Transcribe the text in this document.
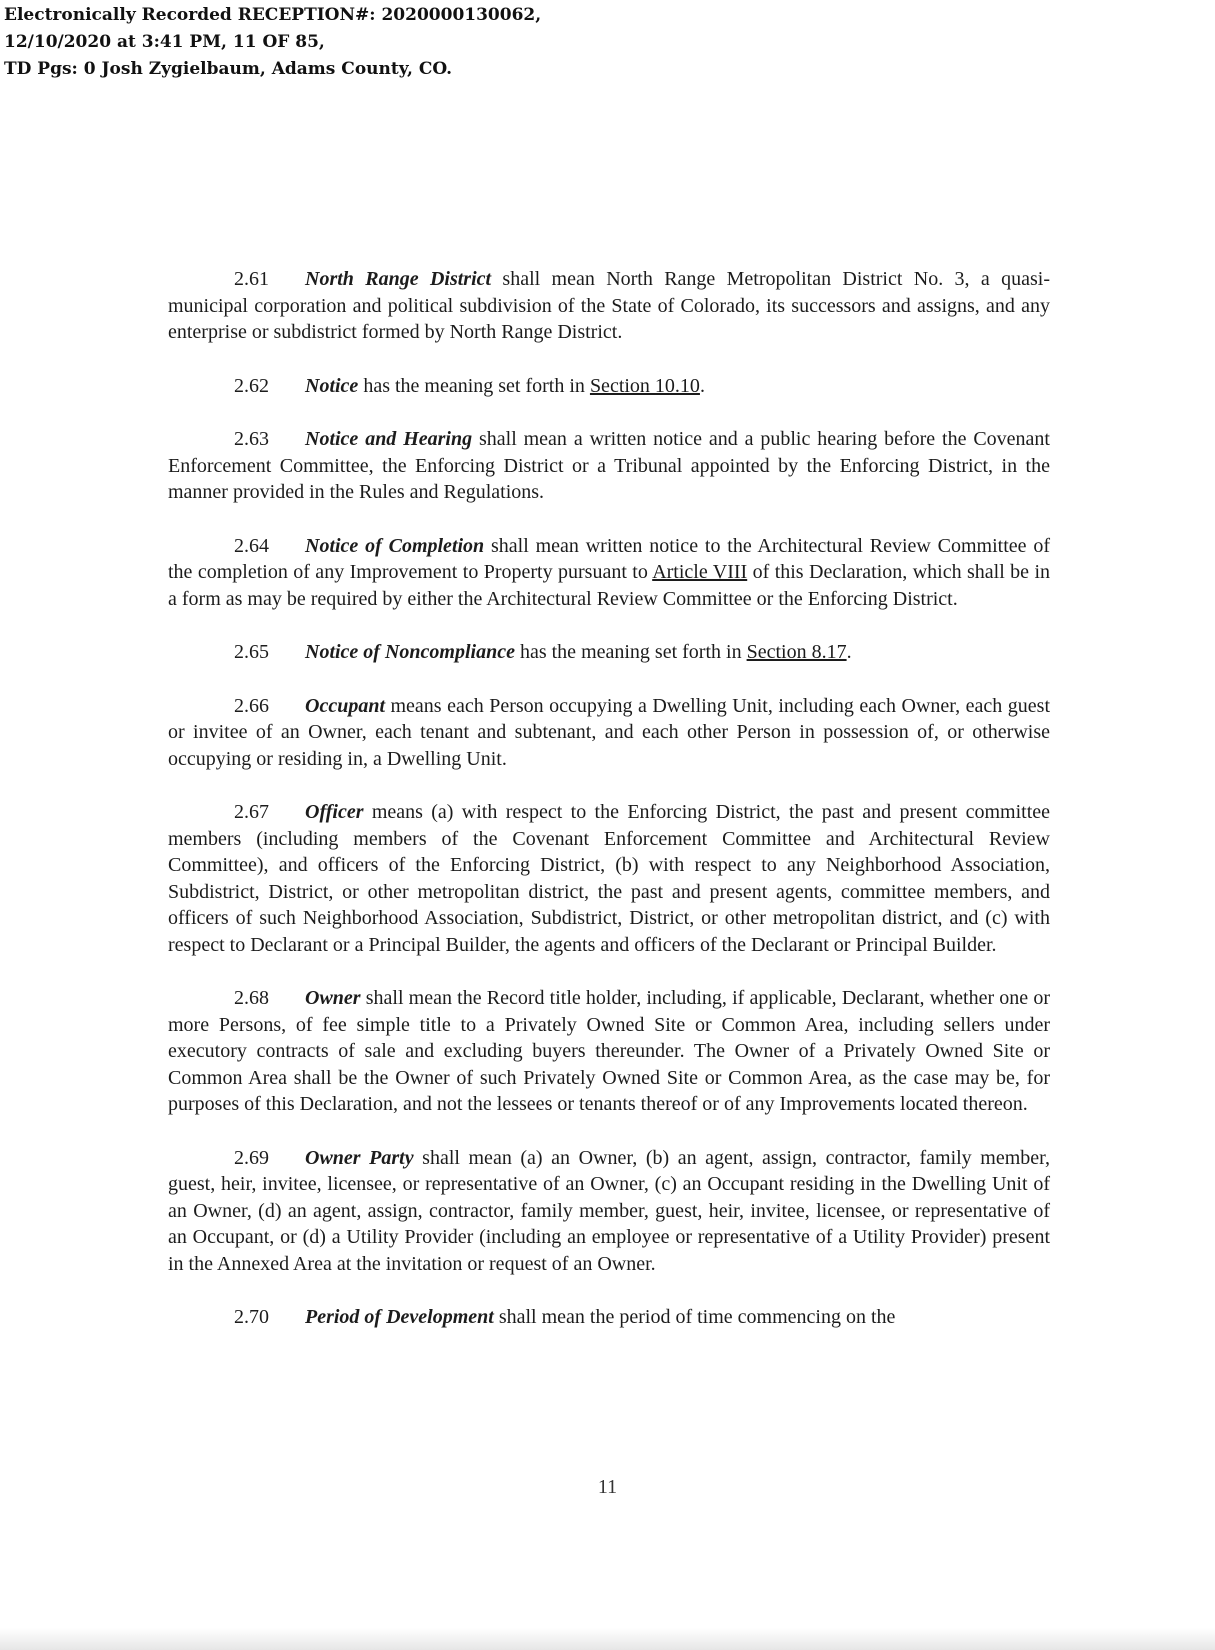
Electronically Recorded RECEPTION#: 2020000130062,
12/10/2020 at 3:41 PM, 11 OF 85,
TD Pgs: 0 Josh Zygielbaum, Adams County, CO.

2.61 North Range District shall mean North Range Metropolitan District No. 3, a quasi-municipal corporation and political subdivision of the State of Colorado, its successors and assigns, and any enterprise or subdistrict formed by North Range District.

2.62 Notice has the meaning set forth in Section 10.10.

2.63 Notice and Hearing shall mean a written notice and a public hearing before the Covenant Enforcement Committee, the Enforcing District or a Tribunal appointed by the Enforcing District, in the manner provided in the Rules and Regulations.

2.64 Notice of Completion shall mean written notice to the Architectural Review Committee of the completion of any Improvement to Property pursuant to Article VIII of this Declaration, which shall be in a form as may be required by either the Architectural Review Committee or the Enforcing District.

2.65 Notice of Noncompliance has the meaning set forth in Section 8.17.

2.66 Occupant means each Person occupying a Dwelling Unit, including each Owner, each guest or invitee of an Owner, each tenant and subtenant, and each other Person in possession of, or otherwise occupying or residing in, a Dwelling Unit.

2.67 Officer means (a) with respect to the Enforcing District, the past and present committee members (including members of the Covenant Enforcement Committee and Architectural Review Committee), and officers of the Enforcing District, (b) with respect to any Neighborhood Association, Subdistrict, District, or other metropolitan district, the past and present agents, committee members, and officers of such Neighborhood Association, Subdistrict, District, or other metropolitan district, and (c) with respect to Declarant or a Principal Builder, the agents and officers of the Declarant or Principal Builder.

2.68 Owner shall mean the Record title holder, including, if applicable, Declarant, whether one or more Persons, of fee simple title to a Privately Owned Site or Common Area, including sellers under executory contracts of sale and excluding buyers thereunder. The Owner of a Privately Owned Site or Common Area shall be the Owner of such Privately Owned Site or Common Area, as the case may be, for purposes of this Declaration, and not the lessees or tenants thereof or of any Improvements located thereon.

2.69 Owner Party shall mean (a) an Owner, (b) an agent, assign, contractor, family member, guest, heir, invitee, licensee, or representative of an Owner, (c) an Occupant residing in the Dwelling Unit of an Owner, (d) an agent, assign, contractor, family member, guest, heir, invitee, licensee, or representative of an Occupant, or (d) a Utility Provider (including an employee or representative of a Utility Provider) present in the Annexed Area at the invitation or request of an Owner.

2.70 Period of Development shall mean the period of time commencing on the

11
